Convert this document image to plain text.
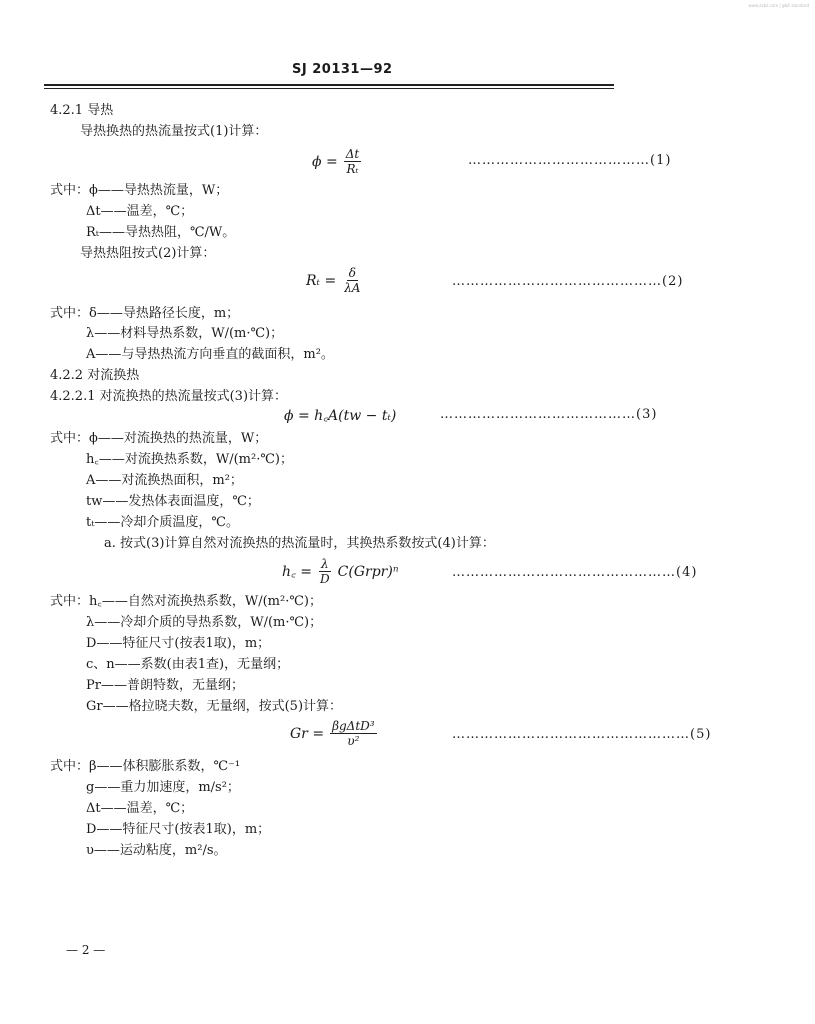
www.zxbz.com | gb/t standard
SJ 20131—92
4.2.1 导热
导热换热的热流量按式(1)计算：
式中：ϕ——导热热流量，W；
Δt——温差，℃；
Rₜ——导热热阻，℃/W。
导热热阻按式(2)计算：
式中：δ——导热路径长度，m；
λ——材料导热系数，W/(m·℃)；
A——与导热热流方向垂直的截面积，m²。
4.2.2 对流换热
4.2.2.1 对流换热的热流量按式(3)计算：
式中：ϕ——对流换热的热流量，W；
h꜀——对流换热系数，W/(m²·℃)；
A——对流换热面积，m²；
tw——发热体表面温度，℃；
tₜ——冷却介质温度，℃。
a. 按式(3)计算自然对流换热的热流量时，其换热系数按式(4)计算：
式中：h꜀——自然对流换热系数，W/(m²·℃)；
λ——冷却介质的导热系数，W/(m·℃)；
D——特征尺寸(按表1取)，m；
c、n——系数(由表1查)，无量纲；
Pr——普朗特数，无量纲；
Gr——格拉晓夫数，无量纲，按式(5)计算：
式中：β——体积膨胀系数，℃⁻¹
g——重力加速度，m/s²；
Δt——温差，℃；
D——特征尺寸(按表1取)，m；
υ——运动粘度，m²/s。
$\phi = \frac{\Delta t}{\text{Rₜ}}$	…………………………………(1)
$R_t = \frac{\delta}{\lambda A}$	………………………………………(2)
ϕ = h꜀A(tw − tₜ)	……………………………………(3)
h꜀ = $\frac{\lambda}{D}$ C(Grpr)ⁿ	…………………………………………(4)
$Gr = \frac{\text{βgΔtD³}}{\text{υ²}}$	……………………………………………(5)
— 2 —
